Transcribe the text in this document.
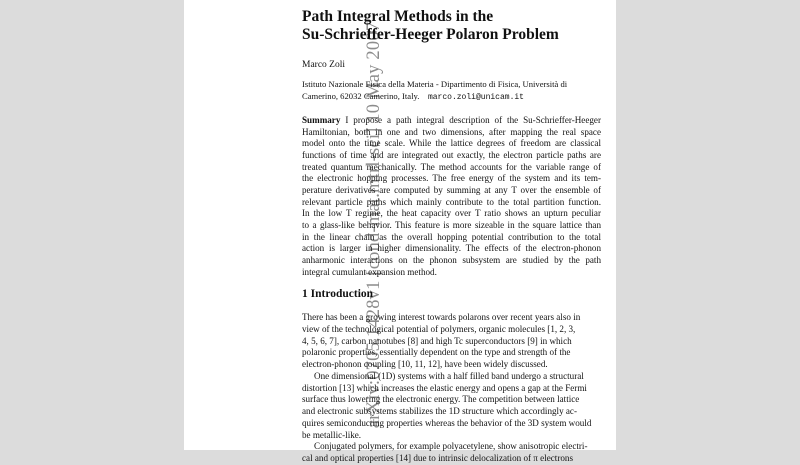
arXiv:0705.1428v1 [cond-mat.mtrl-sci] 10 May 2007
Path Integral Methods in the
Su-Schrieffer-Heeger Polaron Problem
Marco Zoli
Istituto Nazionale Fisica della Materia - Dipartimento di Fisica, Università di
Camerino, 62032 Camerino, Italy. marco.zoli@unicam.it
Summary I propose a path integral description of the Su-Schrieffer-Heeger
Hamiltonian, both in one and two dimensions, after mapping the real space
model onto the time scale. While the lattice degrees of freedom are classical
functions of time and are integrated out exactly, the electron particle paths are
treated quantum mechanically. The method accounts for the variable range of
the electronic hopping processes. The free energy of the system and its tem-
perature derivatives are computed by summing at any T over the ensemble of
relevant particle paths which mainly contribute to the total partition function.
In the low T regime, the heat capacity over T ratio shows an upturn peculiar
to a glass-like behavior. This feature is more sizeable in the square lattice than
in the linear chain as the overall hopping potential contribution to the total
action is larger in higher dimensionality. The effects of the electron-phonon
anharmonic interactions on the phonon subsystem are studied by the path
integral cumulant expansion method.
1 Introduction
There has been a growing interest towards polarons over recent years also in
view of the technological potential of polymers, organic molecules [1, 2, 3,
4, 5, 6, 7], carbon nanotubes [8] and high Tc superconductors [9] in which
polaronic properties, essentially dependent on the type and strength of the
electron-phonon coupling [10, 11, 12], have been widely discussed.
One dimensional (1D) systems with a half filled band undergo a structural
distortion [13] which increases the elastic energy and opens a gap at the Fermi
surface thus lowering the electronic energy. The competition between lattice
and electronic subsystems stabilizes the 1D structure which accordingly ac-
quires semiconducting properties whereas the behavior of the 3D system would
be metallic-like.
Conjugated polymers, for example polyacetylene, show anisotropic electri-
cal and optical properties [14] due to intrinsic delocalization of π electrons
